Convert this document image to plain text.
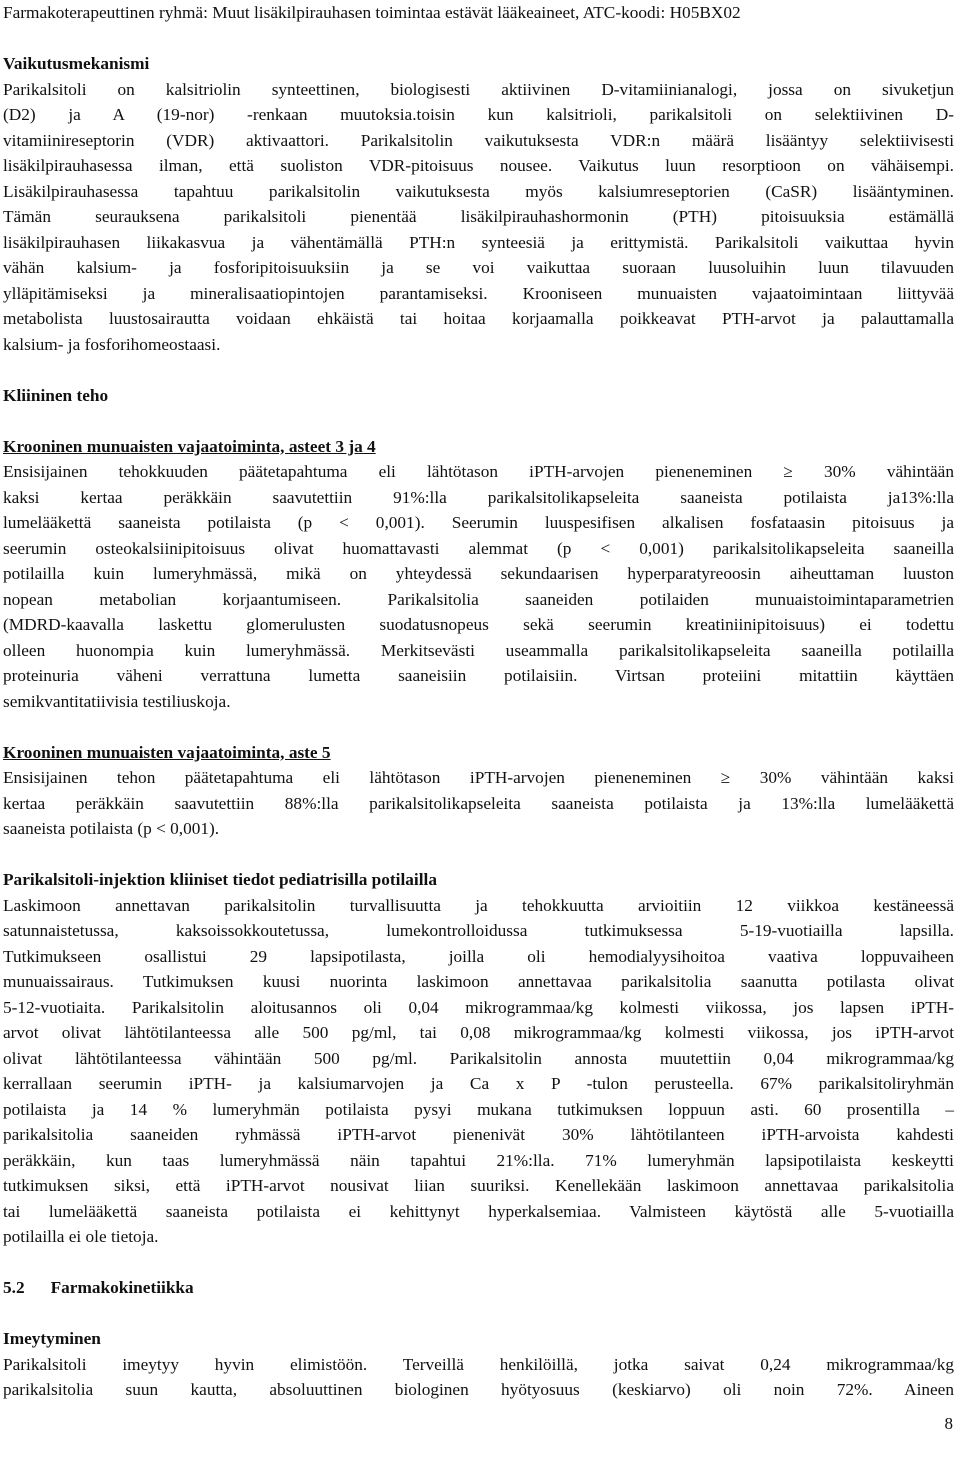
Farmakoterapeuttinen ryhmä: Muut lisäkilpirauhasen toimintaa estävät lääkeaineet, ATC-koodi: H05BX02
Vaikutusmekanismi
Parikalsitoli on kalsitriolin synteettinen, biologisesti aktiivinen D-vitamiinianalogi, jossa on sivuketjun
(D2) ja A (19-nor) -renkaan muutoksia.toisin kun kalsitrioli, parikalsitoli on selektiivinen D-
vitamiinireseptorin (VDR) aktivaattori. Parikalsitolin vaikutuksesta VDR:n määrä lisääntyy selektiivisesti
lisäkilpirauhasessa ilman, että suoliston VDR-pitoisuus nousee. Vaikutus luun resorptioon on vähäisempi.
Lisäkilpirauhasessa tapahtuu parikalsitolin vaikutuksesta myös kalsiumreseptorien (CaSR) lisääntyminen.
Tämän seurauksena parikalsitoli pienentää lisäkilpirauhashormonin (PTH) pitoisuuksia estämällä
lisäkilpirauhasen liikakasvua ja vähentämällä PTH:n synteesiä ja erittymistä. Parikalsitoli vaikuttaa hyvin
vähän kalsium- ja fosforipitoisuuksiin ja se voi vaikuttaa suoraan luusoluihin luun tilavuuden
ylläpitämiseksi ja mineralisaatiopintojen parantamiseksi. Krooniseen munuaisten vajaatoimintaan liittyvää
metabolista luustosairautta voidaan ehkäistä tai hoitaa korjaamalla poikkeavat PTH-arvot ja palauttamalla
kalsium- ja fosforihomeostaasi.
Kliininen teho
Krooninen munuaisten vajaatoiminta, asteet 3 ja 4
Ensisijainen tehokkuuden päätetapahtuma eli lähtötason iPTH-arvojen pieneneminen ≥ 30% vähintään
kaksi kertaa peräkkäin saavutettiin 91%:lla parikalsitolikapseleita saaneista potilaista ja13%:lla
lumelääkettä saaneista potilaista (p < 0,001). Seerumin luuspesifisen alkalisen fosfataasin pitoisuus ja
seerumin osteokalsiinipitoisuus olivat huomattavasti alemmat (p < 0,001) parikalsitolikapseleita saaneilla
potilailla kuin lumeryhmässä, mikä on yhteydessä sekundaarisen hyperparatyreoosin aiheuttaman luuston
nopean metabolian korjaantumiseen. Parikalsitolia saaneiden potilaiden munuaistoimintaparametrien
(MDRD-kaavalla laskettu glomerulusten suodatusnopeus sekä seerumin kreatiniinipitoisuus) ei todettu
olleen huonompia kuin lumeryhmässä. Merkitsevästi useammalla parikalsitolikapseleita saaneilla potilailla
proteinuria väheni verrattuna lumetta saaneisiin potilaisiin. Virtsan proteiini mitattiin käyttäen
semikvantitatiivisia testiliuskoja.
Krooninen munuaisten vajaatoiminta, aste 5
Ensisijainen tehon päätetapahtuma eli lähtötason iPTH-arvojen pieneneminen ≥ 30% vähintään kaksi
kertaa peräkkäin saavutettiin 88%:lla parikalsitolikapseleita saaneista potilaista ja 13%:lla lumelääkettä
saaneista potilaista (p < 0,001).
Parikalsitoli-injektion kliiniset tiedot pediatrisilla potilailla
Laskimoon annettavan parikalsitolin turvallisuutta ja tehokkuutta arvioitiin 12 viikkoa kestäneessä
satunnaistetussa, kaksoissokkoutetussa, lumekontrolloidussa tutkimuksessa 5-19-vuotiailla lapsilla.
Tutkimukseen osallistui 29 lapsipotilasta, joilla oli hemodialyysihoitoa vaativa loppuvaiheen
munuaissairaus. Tutkimuksen kuusi nuorinta laskimoon annettavaa parikalsitolia saanutta potilasta olivat
5-12-vuotiaita. Parikalsitolin aloitusannos oli 0,04 mikrogrammaa/kg kolmesti viikossa, jos lapsen iPTH-
arvot olivat lähtötilanteessa alle 500 pg/ml, tai 0,08 mikrogrammaa/kg kolmesti viikossa, jos iPTH-arvot
olivat lähtötilanteessa vähintään 500 pg/ml. Parikalsitolin annosta muutettiin 0,04 mikrogrammaa/kg
kerrallaan seerumin iPTH- ja kalsiumarvojen ja Ca x P -tulon perusteella. 67% parikalsitoliryhmän
potilaista ja 14 % lumeryhmän potilaista pysyi mukana tutkimuksen loppuun asti. 60 prosentilla –
parikalsitolia saaneiden ryhmässä iPTH-arvot pienenivät 30% lähtötilanteen iPTH-arvoista kahdesti
peräkkäin, kun taas lumeryhmässä näin tapahtui 21%:lla. 71% lumeryhmän lapsipotilaista keskeytti
tutkimuksen siksi, että iPTH-arvot nousivat liian suuriksi. Kenellekään laskimoon annettavaa parikalsitolia
tai lumelääkettä saaneista potilaista ei kehittynyt hyperkalsemiaa. Valmisteen käytöstä alle 5-vuotiailla
potilailla ei ole tietoja.
5.2 Farmakokinetiikka
Imeytyminen
Parikalsitoli imeytyy hyvin elimistöön. Terveillä henkilöillä, jotka saivat 0,24 mikrogrammaa/kg
parikalsitolia suun kautta, absoluuttinen biologinen hyötyosuus (keskiarvo) oli noin 72%. Aineen
8
